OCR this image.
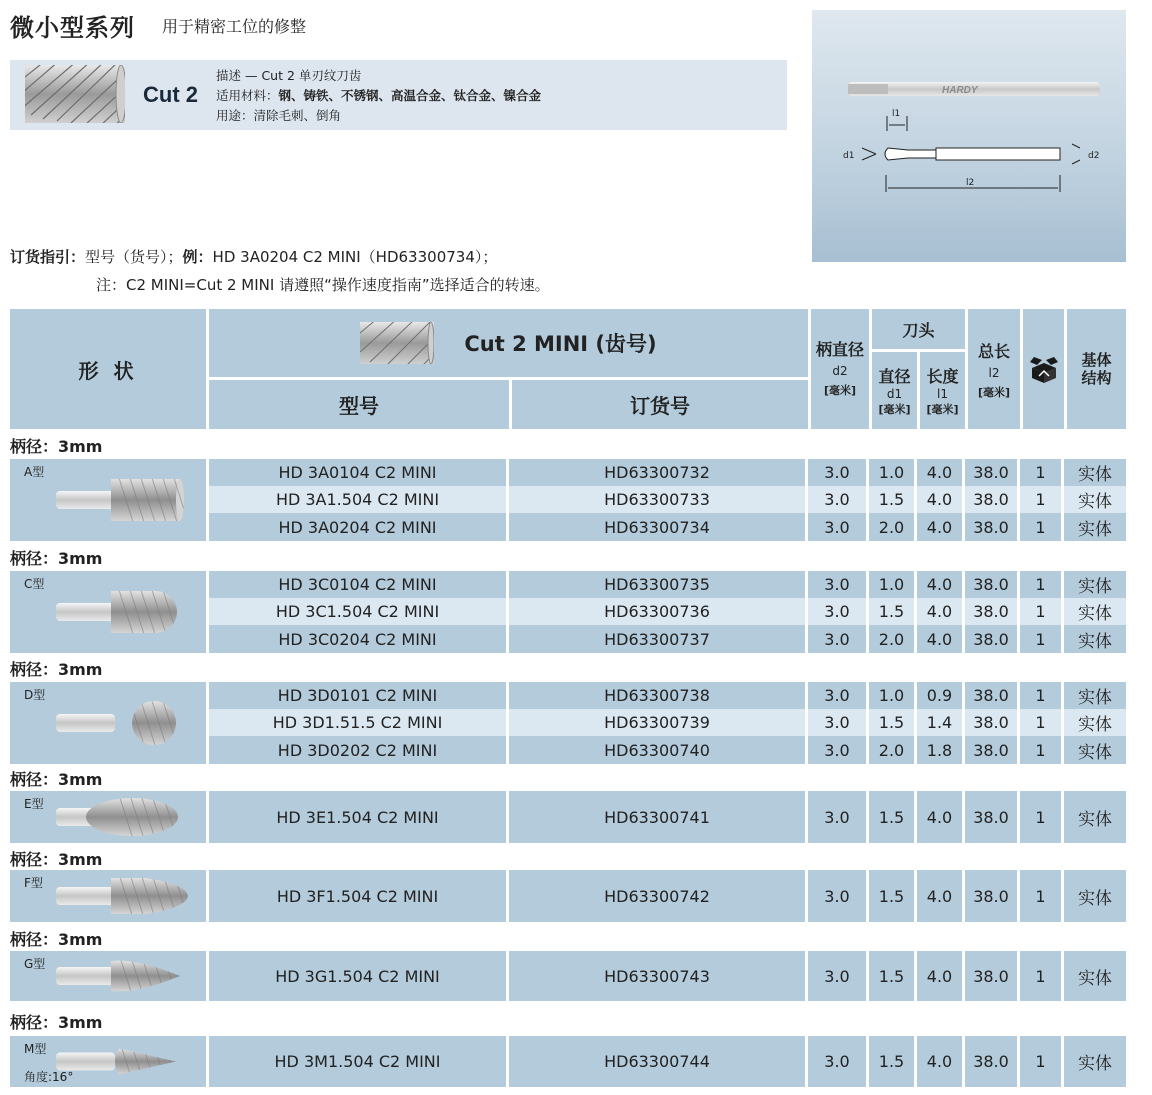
微小型系列 用于精密工位的修整
Cut 2
描述 — Cut 2 单刃纹刀齿
适用材料：钢、铸铁、不锈钢、高温合金、钛合金、镍合金
用途：清除毛刺、倒角
HARDY
l1
d1	d2
l2
订货指引：型号（货号）；例：HD 3A0204 C2 MINI（HD63300734）；
注：C2 MINI=Cut 2 MINI 请遵照“操作速度指南”选择适合的转速。
形 状
Cut 2 MINI (齿号)
型号	订货号
柄直径
d2
[毫米]
刀头
直径
d1
[毫米]
长度
l1
[毫米]
总长
l2
[毫米]
基体结构
柄径：3mm
A型	HD 3A0104 C2 MINI	HD63300732	3.0	1.0	4.0	38.0	1	实体
HD 3A1.504 C2 MINI	HD63300733	3.0	1.5	4.0	38.0	1	实体
HD 3A0204 C2 MINI	HD63300734	3.0	2.0	4.0	38.0	1	实体
柄径：3mm
C型	HD 3C0104 C2 MINI	HD63300735	3.0	1.0	4.0	38.0	1	实体
HD 3C1.504 C2 MINI	HD63300736	3.0	1.5	4.0	38.0	1	实体
HD 3C0204 C2 MINI	HD63300737	3.0	2.0	4.0	38.0	1	实体
柄径：3mm
D型	HD 3D0101 C2 MINI	HD63300738	3.0	1.0	0.9	38.0	1	实体
HD 3D1.51.5 C2 MINI	HD63300739	3.0	1.5	1.4	38.0	1	实体
HD 3D0202 C2 MINI	HD63300740	3.0	2.0	1.8	38.0	1	实体
柄径：3mm
E型
HD 3E1.504 C2 MINI	HD63300741	3.0	1.5	4.0	38.0	1	实体
柄径：3mm
F型
HD 3F1.504 C2 MINI	HD63300742	3.0	1.5	4.0	38.0	1	实体
柄径：3mm
G型
HD 3G1.504 C2 MINI	HD63300743	3.0	1.5	4.0	38.0	1	实体
柄径：3mm
M型
角度:16°
HD 3M1.504 C2 MINI	HD63300744	3.0	1.5	4.0	38.0	1	实体
